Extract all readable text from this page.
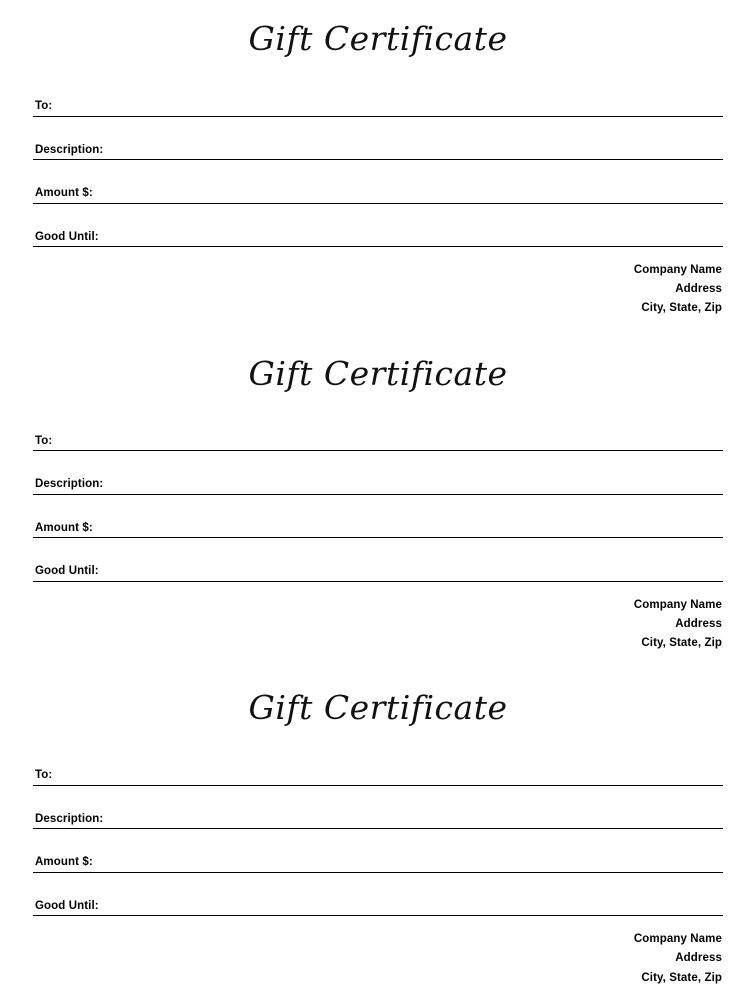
Gift Certificate
To:
Description:
Amount $:
Good Until:
Company Name
Address
City, State, Zip
Gift Certificate
To:
Description:
Amount $:
Good Until:
Company Name
Address
City, State, Zip
Gift Certificate
To:
Description:
Amount $:
Good Until:
Company Name
Address
City, State, Zip
